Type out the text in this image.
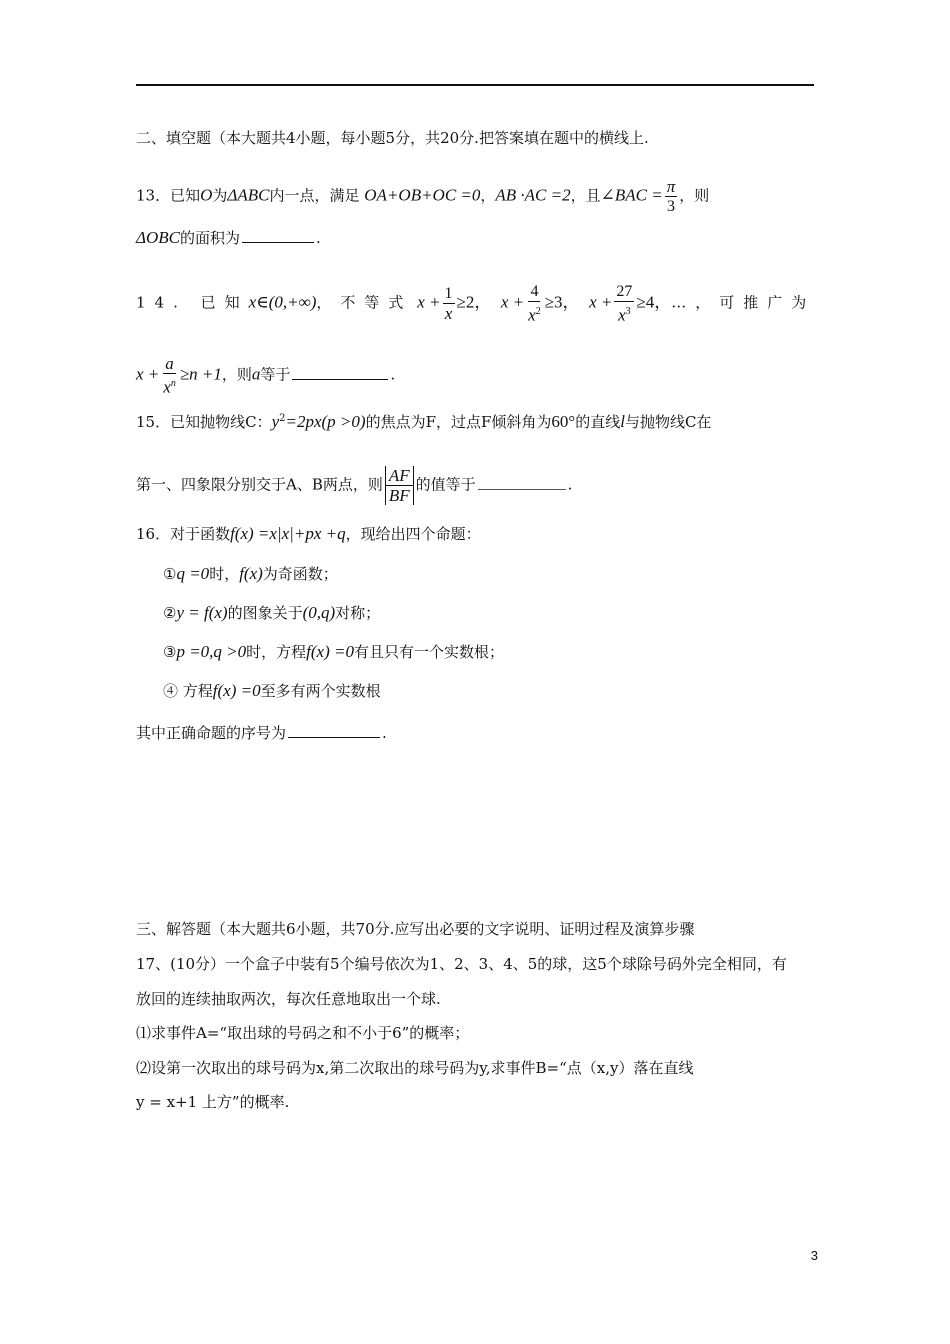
二、填空题（本大题共4小题，每小题5分，共20分.把答案填在题中的横线上.
13．已知O为ΔABC内一点，满足 OA+OB+OC =0，AB ·AC =2，且∠BAC = $\frac{\pi}{3}$ ，则
ΔOBC的面积为	.
14. 已知x∈(0,+∞)，不等式 $x + \frac{1}{x} \ge 2$， $x + \frac{4}{x^2} \ge 3$， $x + \frac{27}{x^3} \ge 4$，…，可推广为
$x + \frac{a}{x^n} \ge n +1$，则a等于	.
15．已知抛物线C：$y^2=2px(p >0)$的焦点为F，过点F倾斜角为60°的直线l与抛物线C在
第一、四象限分别交于A、B两点，则 $\frac{AF}{BF}$ 的值等于	.
16．对于函数f(x) =x|x|+px +q，现给出四个命题：
①q =0时，f(x)为奇函数；
②y = f(x)的图象关于(0,q)对称；
③p =0,q >0时，方程f(x) =0有且只有一个实数根；
④ 方程f(x) =0至多有两个实数根
其中正确命题的序号为	.
三、解答题（本大题共6小题，共70分.应写出必要的文字说明、证明过程及演算步骤
17、(10分）一个盒子中装有5个编号依次为1、2、3、4、5的球，这5个球除号码外完全相同，有
放回的连续抽取两次，每次任意地取出一个球.
⑴求事件A=“取出球的号码之和不小于6”的概率；
⑵设第一次取出的球号码为x,第二次取出的球号码为y,求事件B=“点（x,y）落在直线
y = x+1 上方”的概率.
3
